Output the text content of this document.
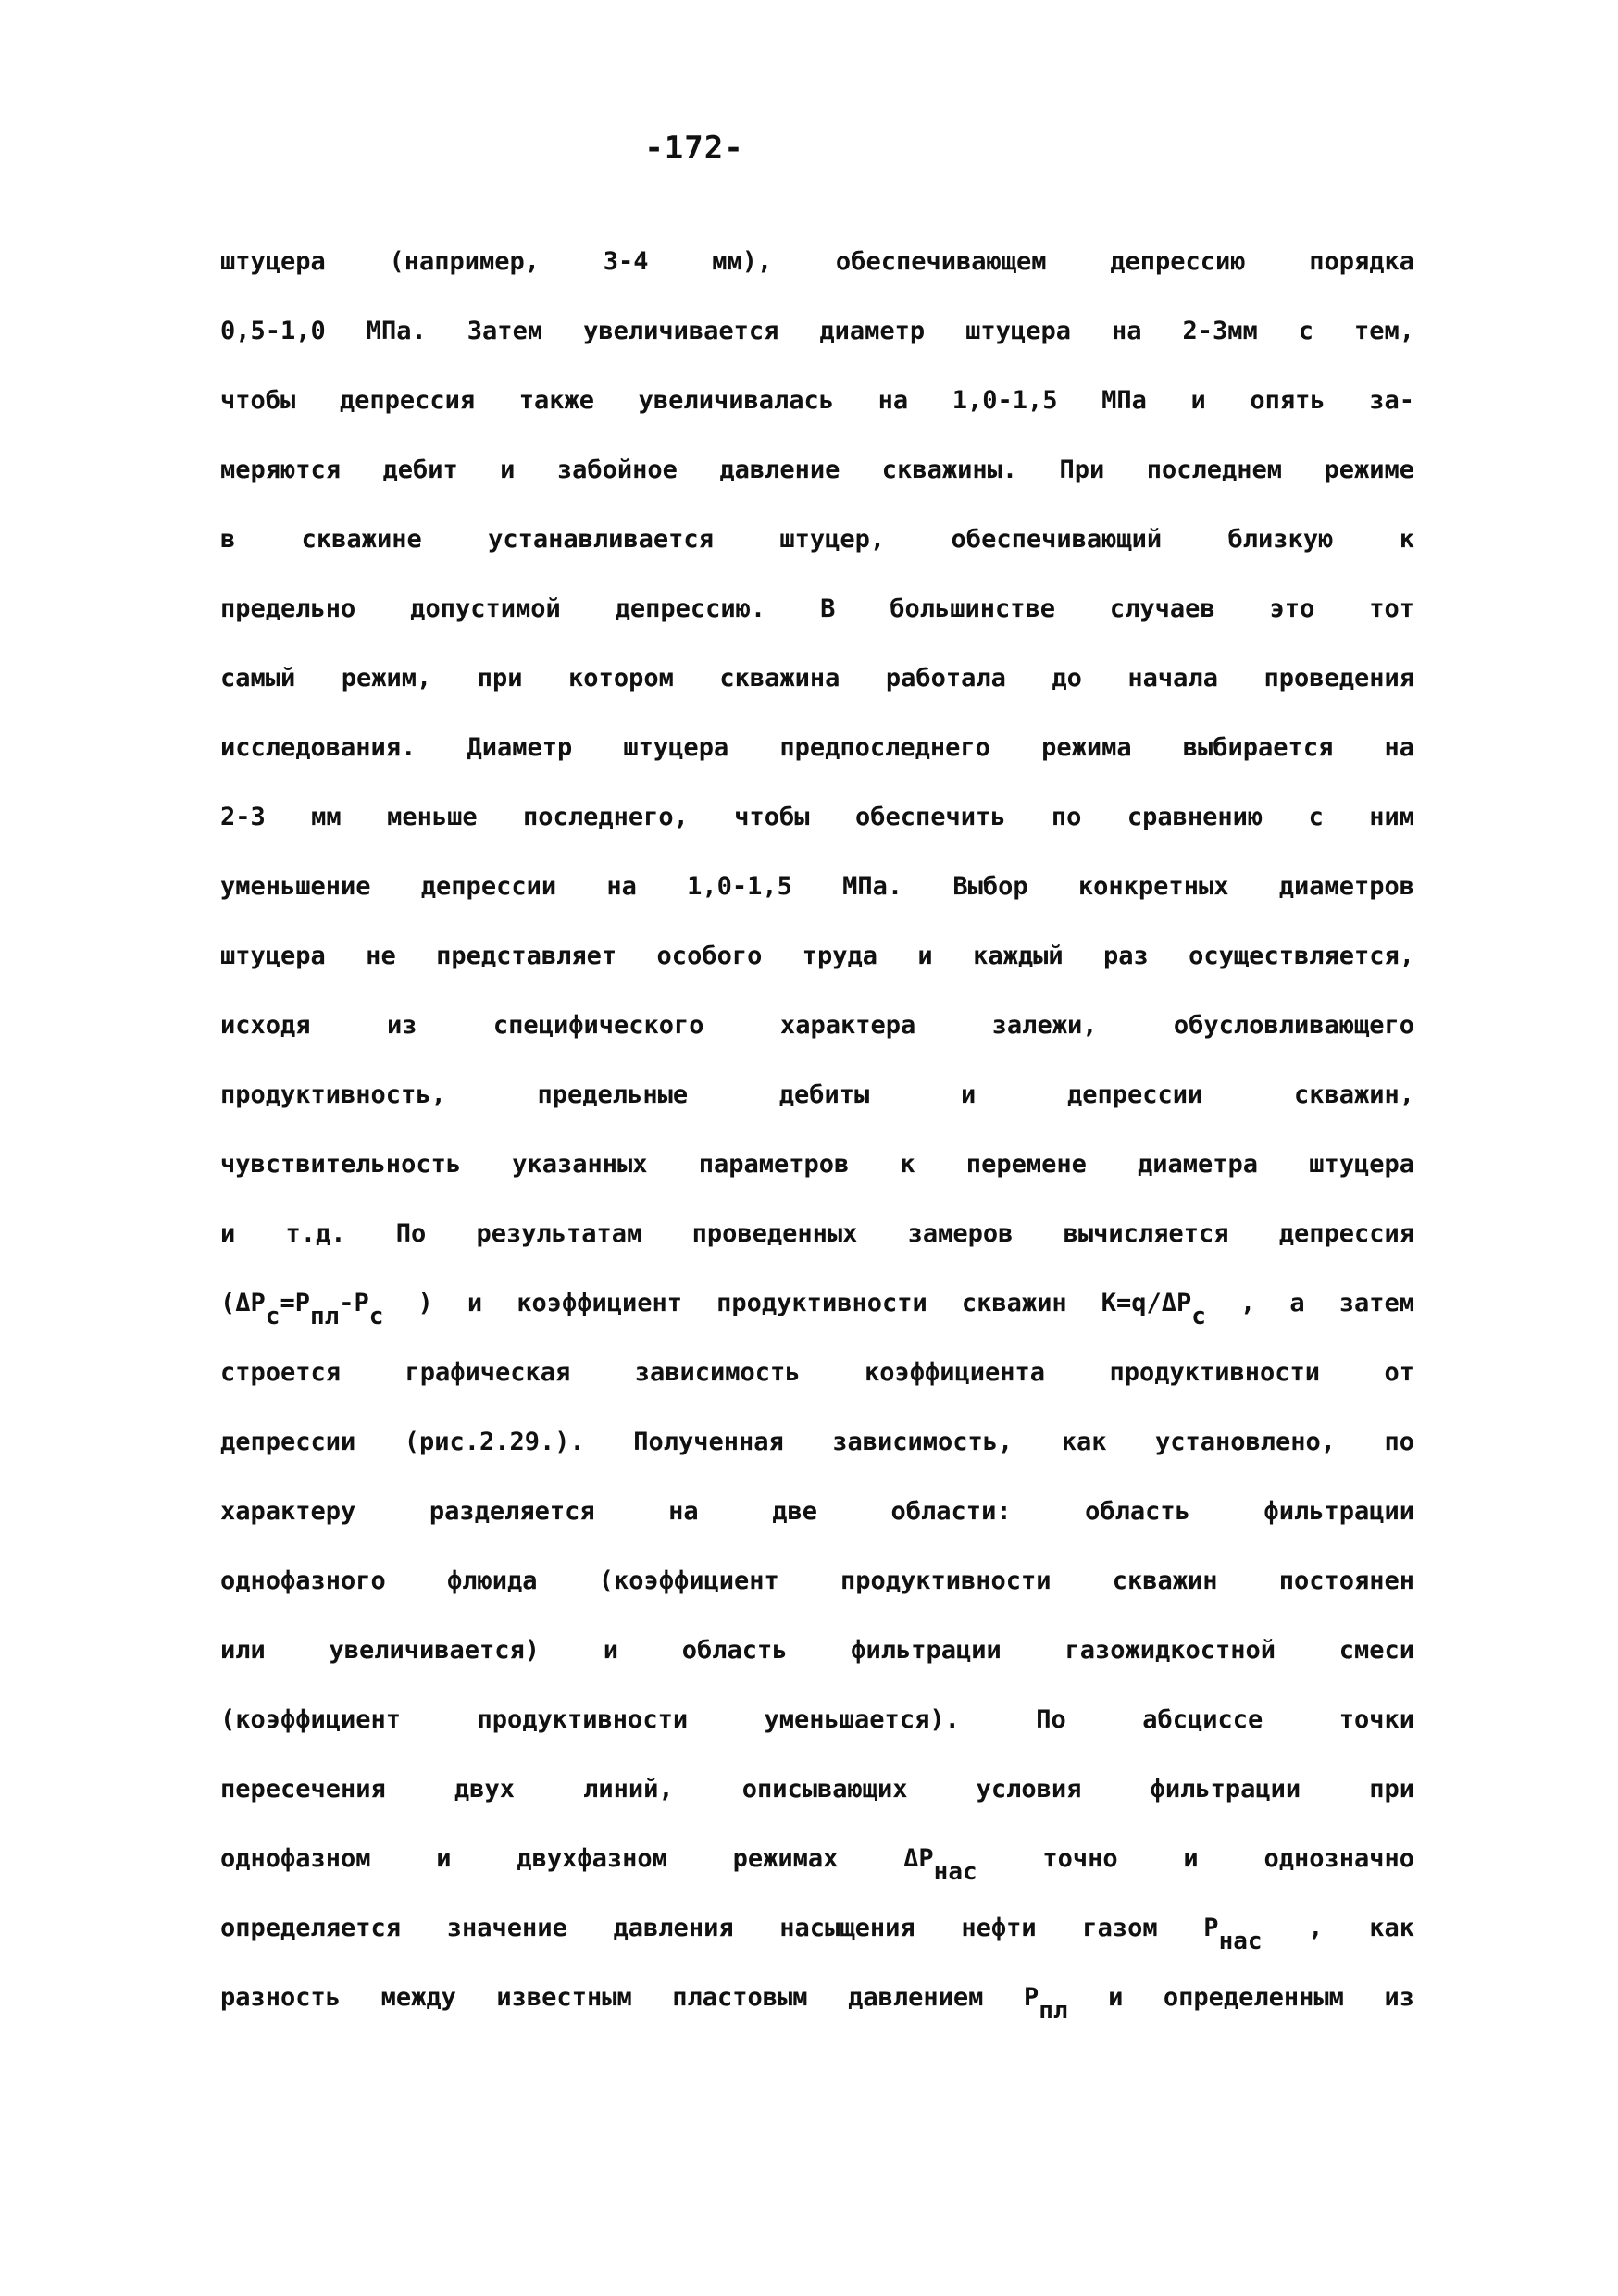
-172-
штуцера (например, 3-4 мм), обеспечивающем депрессию порядка
0,5-1,0 МПа. Затем увеличивается диаметр штуцера на 2-3мм с тем,
чтобы депрессия также увеличивалась на 1,0-1,5 МПа и опять за-
меряются дебит и забойное давление скважины. При последнем режиме
в скважине устанавливается штуцер, обеспечивающий близкую к
предельно допустимой депрессию. В большинстве случаев это тот
самый режим, при котором скважина работала до начала проведения
исследования. Диаметр штуцера предпоследнего режима выбирается на
2-3 мм меньше последнего, чтобы обеспечить по сравнению с ним
уменьшение депрессии на 1,0-1,5 МПа. Выбор конкретных диаметров
штуцера не представляет особого труда и каждый раз осуществляется,
исходя из специфического характера залежи, обусловливающего
продуктивность, предельные дебиты и депрессии скважин,
чувствительность указанных параметров к перемене диаметра штуцера
и т.д. По результатам проведенных замеров вычисляется депрессия
($\Delta P_с=P_{пл}-P_с$ ) и коэффициент продуктивности скважин $K=q/\Delta P_с$ , а затем
строется графическая зависимость коэффициента продуктивности от
депрессии (рис.2.29.). Полученная зависимость, как установлено, по
характеру разделяется на две области: область фильтрации
однофазного флюида (коэффициент продуктивности скважин постоянен
или увеличивается) и область фильтрации газожидкостной смеси
(коэффициент продуктивности уменьшается). По абсциссе точки
пересечения двух линий, описывающих условия фильтрации при
однофазном и двухфазном режимах $\Delta P_{нас}$	точно и однозначно
определяется значение давления насыщения нефти газом $P_{нас}$ , как
разность между известным пластовым давлением $P_{пл}$ и определенным из
